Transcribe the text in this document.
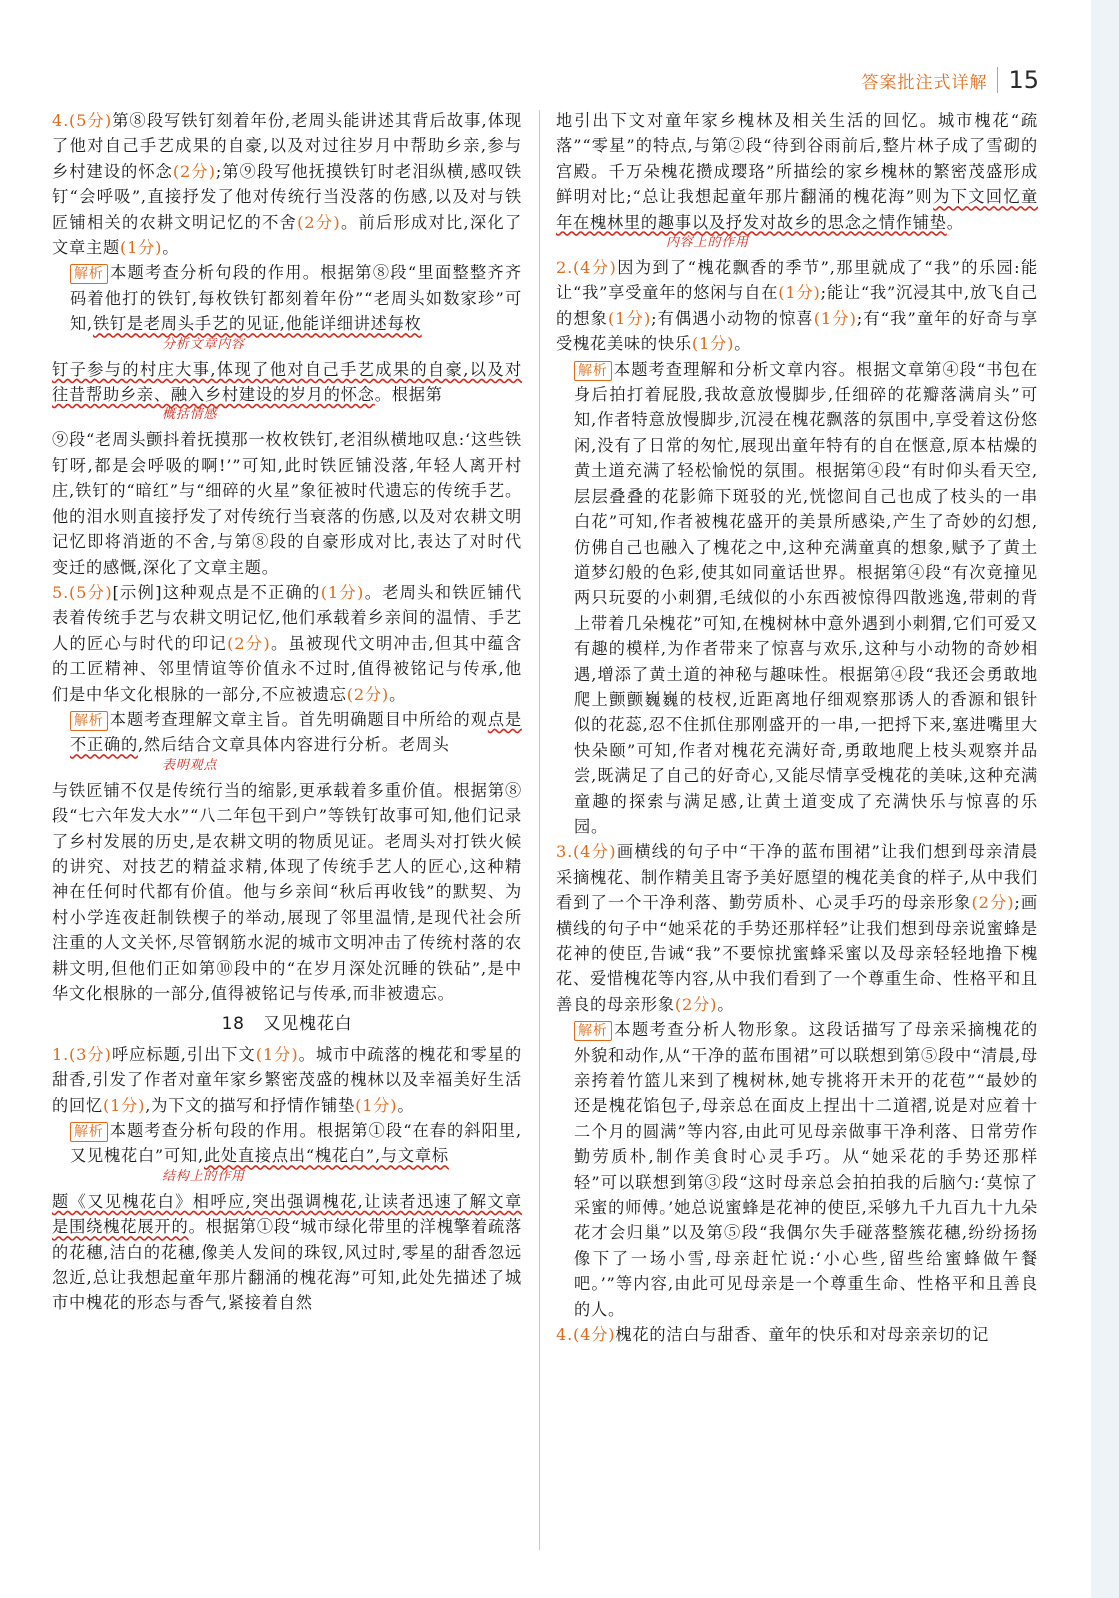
答案批注式详解 15

4.(5分)第⑧段写铁钉刻着年份,老周头能讲述其背后故事,体现了他对自己手艺成果的自豪,以及对过往岁月中帮助乡亲,参与乡村建设的怀念(2分);第⑨段写他抚摸铁钉时老泪纵横,感叹铁钉“会呼吸”,直接抒发了他对传统行当没落的伤感,以及对与铁匠铺相关的农耕文明记忆的不舍(2分)。前后形成对比,深化了文章主题(1分)。

解析 本题考查分析句段的作用。根据第⑧段“里面整整齐齐码着他打的铁钉,每枚铁钉都刻着年份”“老周头如数家珍”可知,铁钉是老周头手艺的见证,他能详细讲述每枚

分析文章内容

钉子参与的村庄大事,体现了他对自己手艺成果的自豪,以及对往昔帮助乡亲、融入乡村建设的岁月的怀念。根据第

概括情感

⑨段“老周头颤抖着抚摸那一枚枚铁钉,老泪纵横地叹息:‘这些铁钉呀,都是会呼吸的啊!’”可知,此时铁匠铺没落,年轻人离开村庄,铁钉的“暗红”与“细碎的火星”象征被时代遗忘的传统手艺。他的泪水则直接抒发了对传统行当衰落的伤感,以及对农耕文明记忆即将消逝的不舍,与第⑧段的自豪形成对比,表达了对时代变迁的感慨,深化了文章主题。

5.(5分)[示例]这种观点是不正确的(1分)。老周头和铁匠铺代表着传统手艺与农耕文明记忆,他们承载着乡亲间的温情、手艺人的匠心与时代的印记(2分)。虽被现代文明冲击,但其中蕴含的工匠精神、邻里情谊等价值永不过时,值得被铭记与传承,他们是中华文化根脉的一部分,不应被遗忘(2分)。

解析 本题考查理解文章主旨。首先明确题目中所给的观点是不正确的,然后结合文章具体内容进行分析。老周头

表明观点

与铁匠铺不仅是传统行当的缩影,更承载着多重价值。根据第⑧段“七六年发大水”“八二年包干到户”等铁钉故事可知,他们记录了乡村发展的历史,是农耕文明的物质见证。老周头对打铁火候的讲究、对技艺的精益求精,体现了传统手艺人的匠心,这种精神在任何时代都有价值。他与乡亲间“秋后再收钱”的默契、为村小学连夜赶制铁楔子的举动,展现了邻里温情,是现代社会所注重的人文关怀,尽管钢筋水泥的城市文明冲击了传统村落的农耕文明,但他们正如第⑩段中的“在岁月深处沉睡的铁砧”,是中华文化根脉的一部分,值得被铭记与传承,而非被遗忘。

18 又见槐花白

1.(3分)呼应标题,引出下文(1分)。城市中疏落的槐花和零星的甜香,引发了作者对童年家乡繁密茂盛的槐林以及幸福美好生活的回忆(1分),为下文的描写和抒情作铺垫(1分)。

解析 本题考查分析句段的作用。根据第①段“在春的斜阳里,又见槐花白”可知,此处直接点出“槐花白”,与文章标

结构上的作用

题《又见槐花白》相呼应,突出强调槐花,让读者迅速了解文章是围绕槐花展开的。根据第①段“城市绿化带里的洋槐擎着疏落的花穗,洁白的花穗,像美人发间的珠钗,风过时,零星的甜香忽远忽近,总让我想起童年那片翻涌的槐花海”可知,此处先描述了城市中槐花的形态与香气,紧接着自然

地引出下文对童年家乡槐林及相关生活的回忆。城市槐花“疏落”“零星”的特点,与第②段“待到谷雨前后,整片林子成了雪砌的宫殿。千万朵槐花攒成璎珞”所描绘的家乡槐林的繁密茂盛形成鲜明对比;“总让我想起童年那片翻涌的槐花海”则为下文回忆童年在槐林里的趣事以及抒发对故乡的思念之情作铺垫。

内容上的作用

2.(4分)因为到了“槐花飘香的季节”,那里就成了“我”的乐园:能让“我”享受童年的悠闲与自在(1分);能让“我”沉浸其中,放飞自己的想象(1分);有偶遇小动物的惊喜(1分);有“我”童年的好奇与享受槐花美味的快乐(1分)。

解析 本题考查理解和分析文章内容。根据文章第④段“书包在身后拍打着屁股,我故意放慢脚步,任细碎的花瓣落满肩头”可知,作者特意放慢脚步,沉浸在槐花飘落的氛围中,享受着这份悠闲,没有了日常的匆忙,展现出童年特有的自在惬意,原本枯燥的黄土道充满了轻松愉悦的氛围。根据第④段“有时仰头看天空,层层叠叠的花影筛下斑驳的光,恍惚间自己也成了枝头的一串白花”可知,作者被槐花盛开的美景所感染,产生了奇妙的幻想,仿佛自己也融入了槐花之中,这种充满童真的想象,赋予了黄土道梦幻般的色彩,使其如同童话世界。根据第④段“有次竟撞见两只玩耍的小刺猬,毛绒似的小东西被惊得四散逃逸,带刺的背上带着几朵槐花”可知,在槐树林中意外遇到小刺猬,它们可爱又有趣的模样,为作者带来了惊喜与欢乐,这种与小动物的奇妙相遇,增添了黄土道的神秘与趣味性。根据第④段“我还会勇敢地爬上颤颤巍巍的枝杈,近距离地仔细观察那诱人的香源和银针似的花蕊,忍不住抓住那刚盛开的一串,一把捋下来,塞进嘴里大快朵颐”可知,作者对槐花充满好奇,勇敢地爬上枝头观察并品尝,既满足了自己的好奇心,又能尽情享受槐花的美味,这种充满童趣的探索与满足感,让黄土道变成了充满快乐与惊喜的乐园。

3.(4分)画横线的句子中“干净的蓝布围裙”让我们想到母亲清晨采摘槐花、制作精美且寄予美好愿望的槐花美食的样子,从中我们看到了一个干净利落、勤劳质朴、心灵手巧的母亲形象(2分);画横线的句子中“她采花的手势还那样轻”让我们想到母亲说蜜蜂是花神的使臣,告诫“我”不要惊扰蜜蜂采蜜以及母亲轻轻地撸下槐花、爱惜槐花等内容,从中我们看到了一个尊重生命、性格平和且善良的母亲形象(2分)。

解析 本题考查分析人物形象。这段话描写了母亲采摘槐花的外貌和动作,从“干净的蓝布围裙”可以联想到第⑤段中“清晨,母亲挎着竹篮儿来到了槐树林,她专挑将开未开的花苞”“最妙的还是槐花馅包子,母亲总在面皮上捏出十二道褶,说是对应着十二个月的圆满”等内容,由此可见母亲做事干净利落、日常劳作勤劳质朴,制作美食时心灵手巧。从“她采花的手势还那样轻”可以联想到第③段“这时母亲总会拍拍我的后脑勺:‘莫惊了采蜜的师傅。’她总说蜜蜂是花神的使臣,采够九千九百九十九朵花才会归巢”以及第⑤段“我偶尔失手碰落整簇花穗,纷纷扬扬像下了一场小雪,母亲赶忙说:‘小心些,留些给蜜蜂做午餐吧。’”等内容,由此可见母亲是一个尊重生命、性格平和且善良的人。

4.(4分)槐花的洁白与甜香、童年的快乐和对母亲亲切的记
